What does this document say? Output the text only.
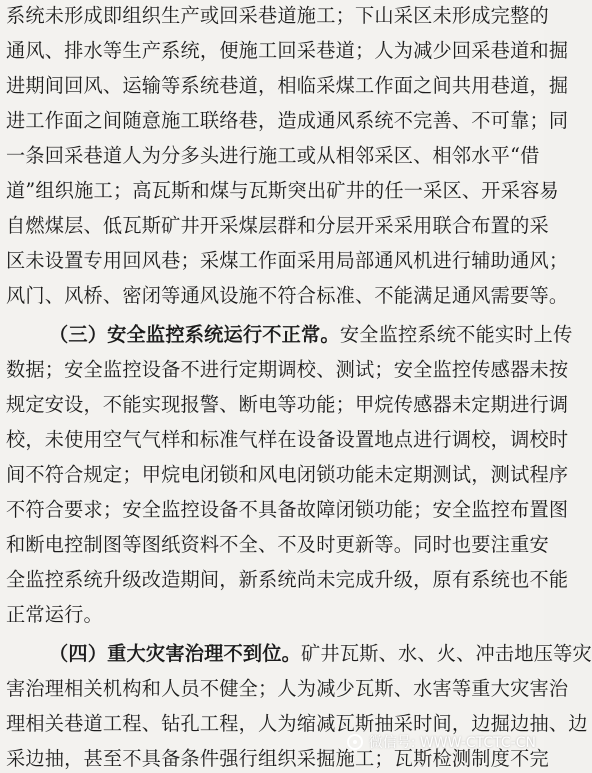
系统未形成即组织生产或回采巷道施工；下山采区未形成完整的
通风、排水等生产系统，便施工回采巷道；人为减少回采巷道和掘
进期间回风、运输等系统巷道，相临采煤工作面之间共用巷道，掘
进工作面之间随意施工联络巷，造成通风系统不完善、不可靠；同
一条回采巷道人为分多头进行施工或从相邻采区、相邻水平“借
道”组织施工；高瓦斯和煤与瓦斯突出矿井的任一采区、开采容易
自燃煤层、低瓦斯矿井开采煤层群和分层开采采用联合布置的采
区未设置专用回风巷；采煤工作面采用局部通风机进行辅助通风；
风门、风桥、密闭等通风设施不符合标准、不能满足通风需要等。
（三）安全监控系统运行不正常。安全监控系统不能实时上传
数据；安全监控设备不进行定期调校、测试；安全监控传感器未按
规定安设，不能实现报警、断电等功能；甲烷传感器未定期进行调
校，未使用空气气样和标准气样在设备设置地点进行调校，调校时
间不符合规定；甲烷电闭锁和风电闭锁功能未定期测试，测试程序
不符合要求；安全监控设备不具备故障闭锁功能；安全监控布置图
和断电控制图等图纸资料不全、不及时更新等。同时也要注重安
全监控系统升级改造期间，新系统尚未完成升级，原有系统也不能
正常运行。
（四）重大灾害治理不到位。矿井瓦斯、水、火、冲击地压等灾
害治理相关机构和人员不健全；人为减少瓦斯、水害等重大灾害治
理相关巷道工程、钻孔工程，人为缩减瓦斯抽采时间，边掘边抽、边
采边抽，甚至不具备条件强行组织采掘施工；瓦斯检测制度不完
微信号: WWW-CTCTC-CN
